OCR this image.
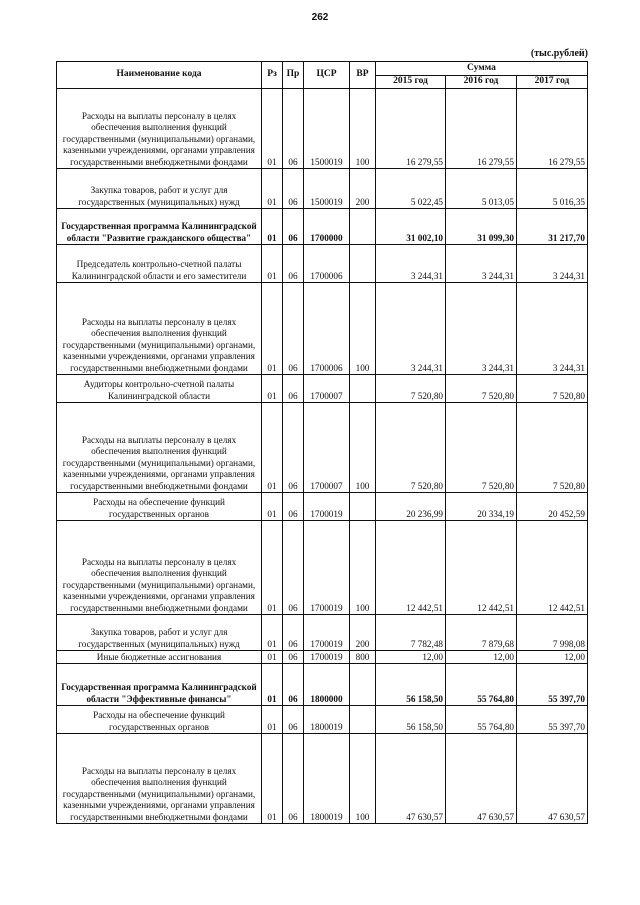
262
(тыс.рублей)
Наименование кода	Рз	Пр	ЦСР	ВР	Сумма		
					2015 год	2016 год	2017 год
Расходы на выплаты персоналу в целях обеспечения выполнения функций государственными (муниципальными) органами, казенными учреждениями, органами управления государственными внебюджетными фондами	01	06	1500019	100	16 279,55	16 279,55	16 279,55
Закупка товаров, работ и услуг для государственных (муниципальных) нужд	01	06	1500019	200	5 022,45	5 013,05	5 016,35
Государственная программа Калининградской области "Развитие гражданского общества"	01	06	1700000		31 002,10	31 099,30	31 217,70
Председатель контрольно-счетной палаты Калининградской области и его заместители	01	06	1700006		3 244,31	3 244,31	3 244,31
Расходы на выплаты персоналу в целях обеспечения выполнения функций государственными (муниципальными) органами, казенными учреждениями, органами управления государственными внебюджетными фондами	01	06	1700006	100	3 244,31	3 244,31	3 244,31
Аудиторы контрольно-счетной палаты Калининградской области	01	06	1700007		7 520,80	7 520,80	7 520,80
Расходы на выплаты персоналу в целях обеспечения выполнения функций государственными (муниципальными) органами, казенными учреждениями, органами управления государственными внебюджетными фондами	01	06	1700007	100	7 520,80	7 520,80	7 520,80
Расходы на обеспечение функций государственных органов	01	06	1700019		20 236,99	20 334,19	20 452,59
Расходы на выплаты персоналу в целях обеспечения выполнения функций государственными (муниципальными) органами, казенными учреждениями, органами управления государственными внебюджетными фондами	01	06	1700019	100	12 442,51	12 442,51	12 442,51
Закупка товаров, работ и услуг для государственных (муниципальных) нужд	01	06	1700019	200	7 782,48	7 879,68	7 998,08
Иные бюджетные ассигнования	01	06	1700019	800	12,00	12,00	12,00
Государственная программа Калининградской области "Эффективные финансы"	01	06	1800000		56 158,50	55 764,80	55 397,70
Расходы на обеспечение функций государственных органов	01	06	1800019		56 158,50	55 764,80	55 397,70
Расходы на выплаты персоналу в целях обеспечения выполнения функций государственными (муниципальными) органами, казенными учреждениями, органами управления государственными внебюджетными фондами	01	06	1800019	100	47 630,57	47 630,57	47 630,57
